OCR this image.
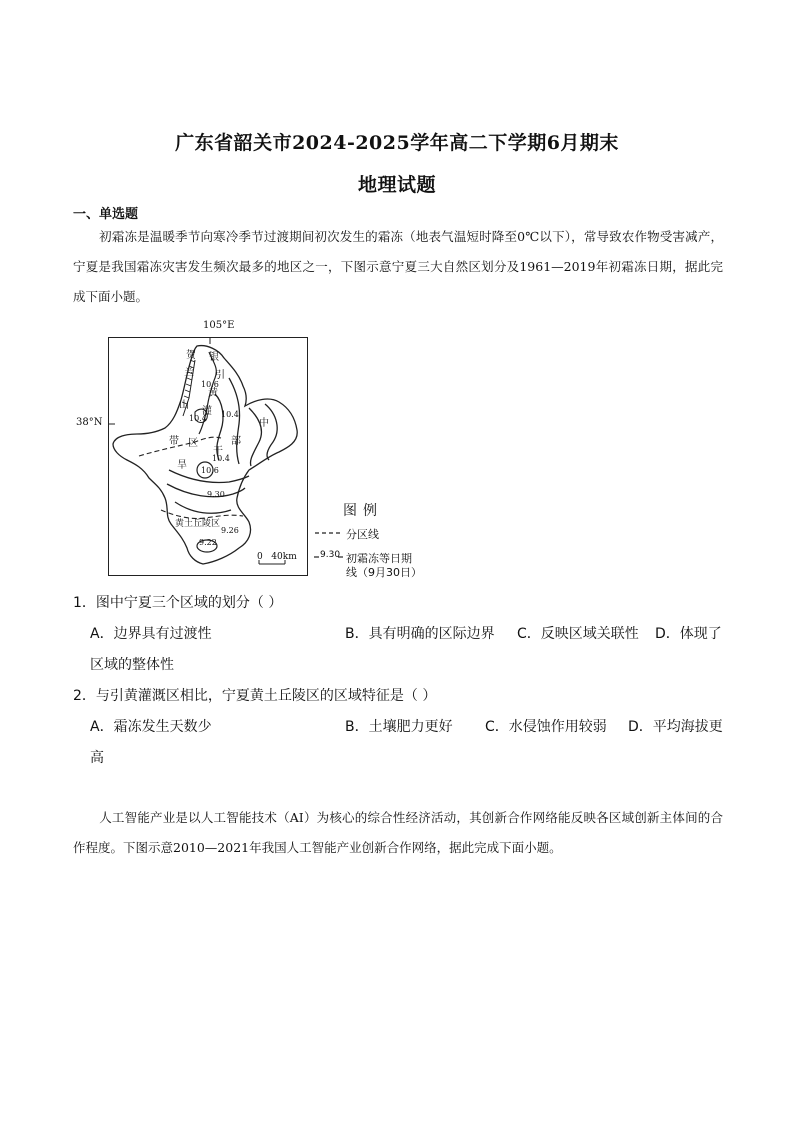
广东省韶关市2024-2025学年高二下学期6月期末
地理试题
一、单选题
初霜冻是温暖季节向寒冷季节过渡期间初次发生的霜冻（地表气温短时降至0℃以下），常导致农作物受害减产，宁夏是我国霜冻灾害发生频次最多的地区之一，下图示意宁夏三大自然区划分及1961—2019年初霜冻日期，据此完成下面小题。
105°E
38°N
银
引
黄
灌
区
贺
兰
山
中
部
干
旱
带
黄土丘陵区
10.6
10.4
10.4
10.6
9.30
9.26
9.22
10.4
0   40km
图例
分区线
9.30 初霜冻等日期
线（9月30日）
1．图中宁夏三个区域的划分（ ）
A．边界具有过渡性	B．具有明确的区际边界 C．反映区域关联性 D．体现了
区域的整体性
2．与引黄灌溉区相比，宁夏黄土丘陵区的区域特征是（ ）
A．霜冻发生天数少	B．土壤肥力更好 C．水侵蚀作用较弱 D．平均海拔更
高
人工智能产业是以人工智能技术（AI）为核心的综合性经济活动，其创新合作网络能反映各区域创新主体间的合作程度。下图示意2010—2021年我国人工智能产业创新合作网络，据此完成下面小题。
